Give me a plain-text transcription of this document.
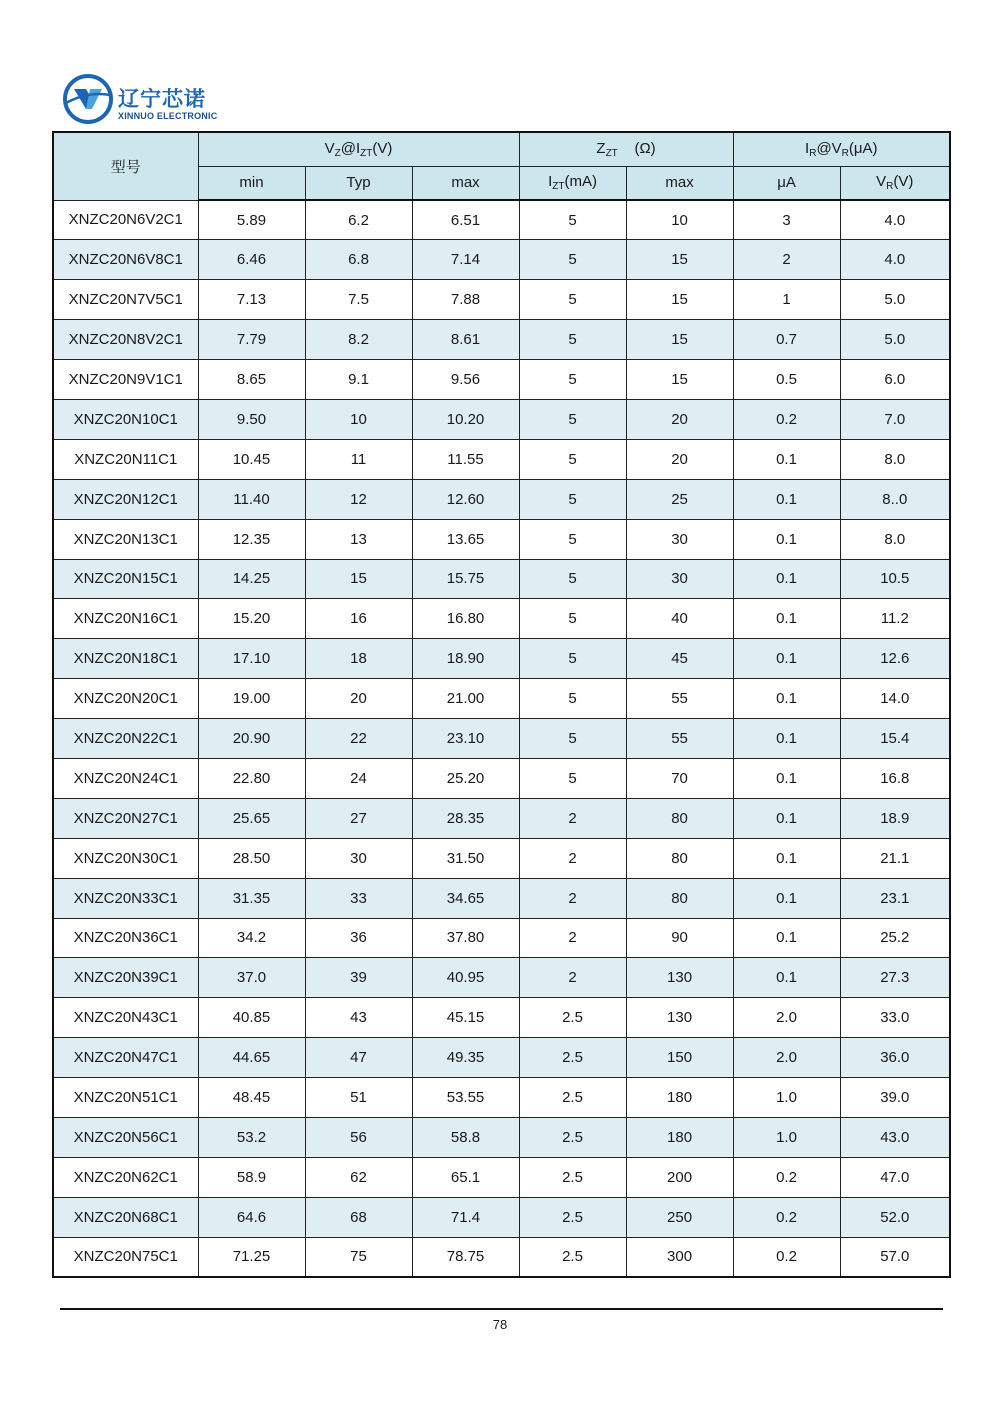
辽宁芯诺
XINNUO ELECTRONIC
型号	$V_Z@I_{ZT}(V)$			$Z_{ZT}$ (Ω)		$I_R@V_R(\mu A)$	
	min	Typ	max	$I_{ZT}(mA)$	max	μA	$V_R(V)$
XNZC20N6V2C1	5.89	6.2	6.51	5	10	3	4.0
XNZC20N6V8C1	6.46	6.8	7.14	5	15	2	4.0
XNZC20N7V5C1	7.13	7.5	7.88	5	15	1	5.0
XNZC20N8V2C1	7.79	8.2	8.61	5	15	0.7	5.0
XNZC20N9V1C1	8.65	9.1	9.56	5	15	0.5	6.0
XNZC20N10C1	9.50	10	10.20	5	20	0.2	7.0
XNZC20N11C1	10.45	11	11.55	5	20	0.1	8.0
XNZC20N12C1	11.40	12	12.60	5	25	0.1	8..0
XNZC20N13C1	12.35	13	13.65	5	30	0.1	8.0
XNZC20N15C1	14.25	15	15.75	5	30	0.1	10.5
XNZC20N16C1	15.20	16	16.80	5	40	0.1	11.2
XNZC20N18C1	17.10	18	18.90	5	45	0.1	12.6
XNZC20N20C1	19.00	20	21.00	5	55	0.1	14.0
XNZC20N22C1	20.90	22	23.10	5	55	0.1	15.4
XNZC20N24C1	22.80	24	25.20	5	70	0.1	16.8
XNZC20N27C1	25.65	27	28.35	2	80	0.1	18.9
XNZC20N30C1	28.50	30	31.50	2	80	0.1	21.1
XNZC20N33C1	31.35	33	34.65	2	80	0.1	23.1
XNZC20N36C1	34.2	36	37.80	2	90	0.1	25.2
XNZC20N39C1	37.0	39	40.95	2	130	0.1	27.3
XNZC20N43C1	40.85	43	45.15	2.5	130	2.0	33.0
XNZC20N47C1	44.65	47	49.35	2.5	150	2.0	36.0
XNZC20N51C1	48.45	51	53.55	2.5	180	1.0	39.0
XNZC20N56C1	53.2	56	58.8	2.5	180	1.0	43.0
XNZC20N62C1	58.9	62	65.1	2.5	200	0.2	47.0
XNZC20N68C1	64.6	68	71.4	2.5	250	0.2	52.0
XNZC20N75C1	71.25	75	78.75	2.5	300	0.2	57.0
78
